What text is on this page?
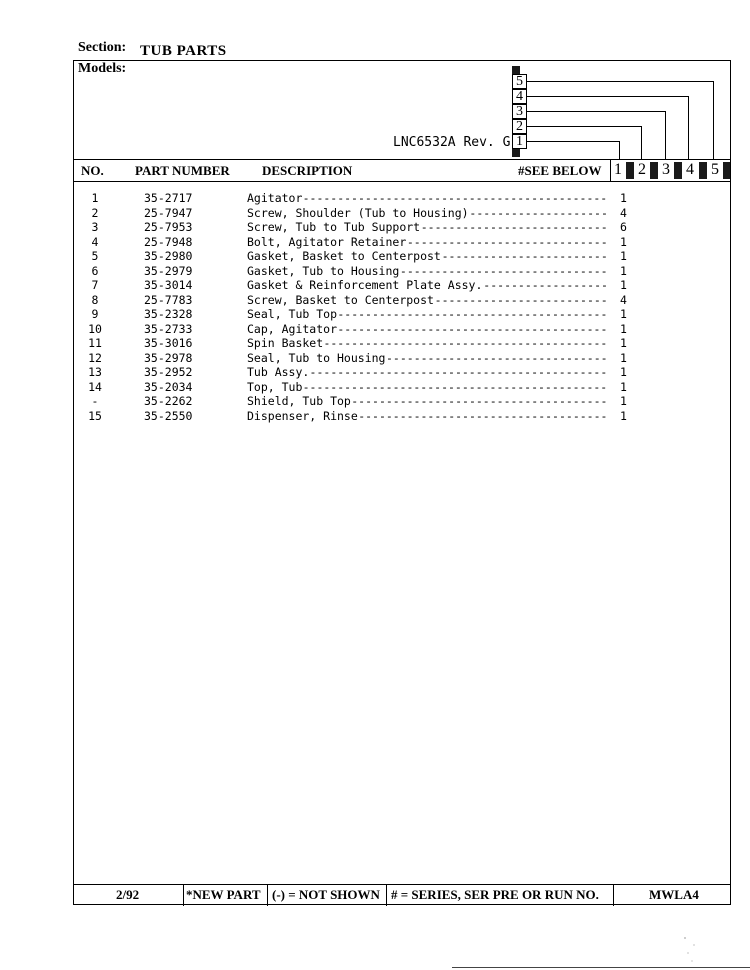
Section: TUB PARTS
Models:
LNC6532A Rev. G
5
4
3
2
1
NO. PART NUMBER DESCRIPTION	#SEE BELOW 1 2 3 4 5
1	35-2717	Agitator	1
--------------------------------------------
2	25-7947	Screw, Shoulder (Tub to Housing)	4
--------------------
3	25-7953	Screw, Tub to Tub Support	6
---------------------------
4	25-7948	Bolt, Agitator Retainer	1
-----------------------------
5	35-2980	Gasket, Basket to Centerpost	1
------------------------
6	35-2979	Gasket, Tub to Housing	1
------------------------------
7	35-3014	Gasket & Reinforcement Plate Assy.	1
------------------
8	25-7783	Screw, Basket to Centerpost	4
-------------------------
9	35-2328	Seal, Tub Top	1
---------------------------------------
10	35-2733	Cap, Agitator	1
---------------------------------------
11	35-3016	Spin Basket	1
-----------------------------------------
12	35-2978	Seal, Tub to Housing	1
--------------------------------
13	35-2952	Tub Assy.	1
-------------------------------------------
14	35-2034	Top, Tub	1
--------------------------------------------
-	35-2262	Shield, Tub Top	1
-------------------------------------
15	35-2550	Dispenser, Rinse	1
------------------------------------
2/92	*NEW PART (-) = NOT SHOWN # = SERIES, SER PRE OR RUN NO.	MWLA4
